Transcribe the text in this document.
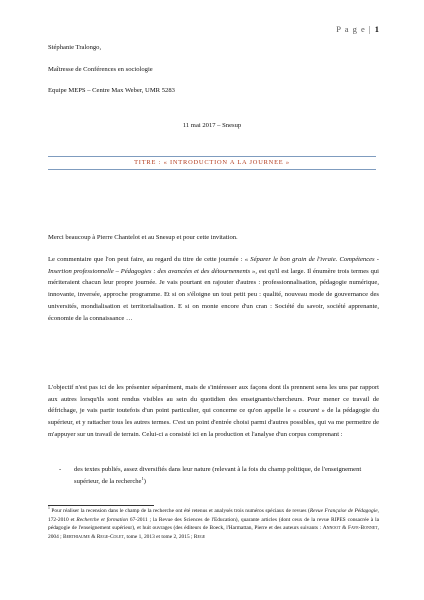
P a g e | 1
Stéphanie Tralongo,
Maîtresse de Conférences en sociologie
Equipe MEPS – Centre Max Weber, UMR 5283
11 mai 2017 – Snesup
TITRE : « INTRODUCTION A LA JOURNEE »

Merci beaucoup à Pierre Chantelot et au Snesup et pour cette invitation.

Le commentaire que l'on peut faire, au regard du titre de cette journée : « Séparer le bon grain de l'ivraie. Compétences - Insertion professionnelle – Pédagogies : des avancées et des détournements », est qu'il est large. Il énumère trois termes qui mériteraient chacun leur propre journée. Je vais pourtant en rajouter d'autres : professionnalisation, pédagogie numérique, innovante, inversée, approche programme. Et si on s'éloigne un tout petit peu : qualité, nouveau mode de gouvernance des universités, mondialisation et territorialisation. E si on monte encore d'un cran : Société du savoir, société apprenante, économie de la connaissance …

L'objectif n'est pas ici de les présenter séparément, mais de s'intéresser aux façons dont ils prennent sens les uns par rapport aux autres lorsqu'ils sont rendus visibles au sein du quotidien des enseignants/chercheurs. Pour mener ce travail de défrichage, je vais partir toutefois d'un point particulier, qui concerne ce qu'on appelle le « courant » de la pédagogie du supérieur, et y rattacher tous les autres termes. C'est un point d'entrée choisi parmi d'autres possibles, qui va me permettre de m'appuyer sur un travail de terrain. Celui-ci a consisté ici en la production et l'analyse d'un corpus comprenant :

- des textes publiés, assez diversifiés dans leur nature (relevant à la fois du champ politique, de l'enseignement supérieur, de la recherche$^1$)
$^1$ Pour réaliser la recension dans le champ de la recherche ont été retenus et analysés trois numéros spéciaux de revues (Revue Française de Pédagogie, 172-2010 et Recherche et formation 67-2011 ; la Revue des Sciences de l'Education), quarante articles (dont ceux de la revue RIPES consacrée à la pédagogie de l'enseignement supérieur), et huit ouvrages (des éditeurs de Boeck, l'Harmattan, Pierre et des auteurs suivants : Annoot & Fave-Bonnet, 2004 ; Berthiaume & Rege-Colet, tome 1, 2013 et tome 2, 2015 ; Rege
